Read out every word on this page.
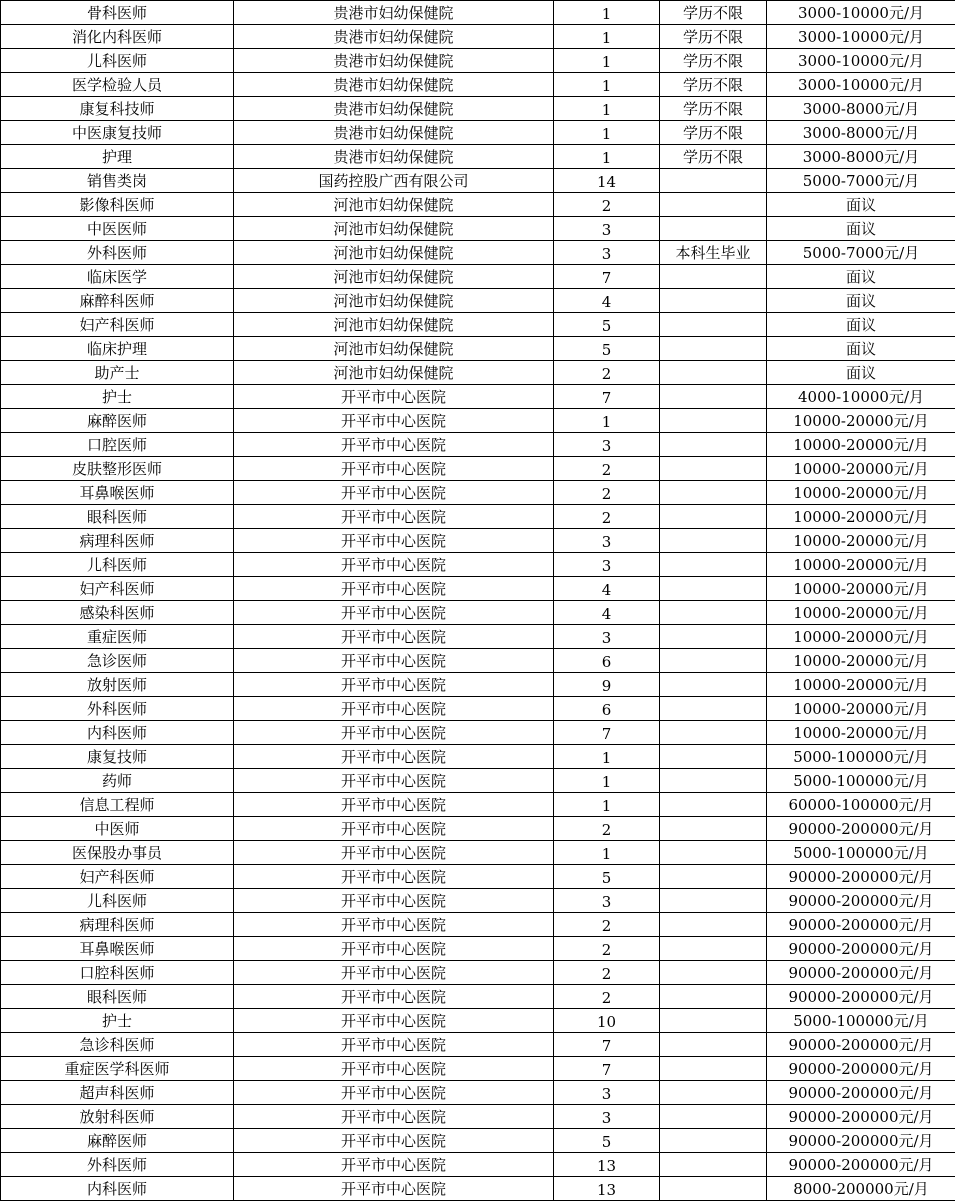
骨科医师	贵港市妇幼保健院	1	学历不限	3000-10000元/月
消化内科医师	贵港市妇幼保健院	1	学历不限	3000-10000元/月
儿科医师	贵港市妇幼保健院	1	学历不限	3000-10000元/月
医学检验人员	贵港市妇幼保健院	1	学历不限	3000-10000元/月
康复科技师	贵港市妇幼保健院	1	学历不限	3000-8000元/月
中医康复技师	贵港市妇幼保健院	1	学历不限	3000-8000元/月
护理	贵港市妇幼保健院	1	学历不限	3000-8000元/月
销售类岗	国药控股广西有限公司	14		5000-7000元/月
影像科医师	河池市妇幼保健院	2		面议
中医医师	河池市妇幼保健院	3		面议
外科医师	河池市妇幼保健院	3	本科生毕业	5000-7000元/月
临床医学	河池市妇幼保健院	7		面议
麻醉科医师	河池市妇幼保健院	4		面议
妇产科医师	河池市妇幼保健院	5		面议
临床护理	河池市妇幼保健院	5		面议
助产士	河池市妇幼保健院	2		面议
护士	开平市中心医院	7		4000-10000元/月
麻醉医师	开平市中心医院	1		10000-20000元/月
口腔医师	开平市中心医院	3		10000-20000元/月
皮肤整形医师	开平市中心医院	2		10000-20000元/月
耳鼻喉医师	开平市中心医院	2		10000-20000元/月
眼科医师	开平市中心医院	2		10000-20000元/月
病理科医师	开平市中心医院	3		10000-20000元/月
儿科医师	开平市中心医院	3		10000-20000元/月
妇产科医师	开平市中心医院	4		10000-20000元/月
感染科医师	开平市中心医院	4		10000-20000元/月
重症医师	开平市中心医院	3		10000-20000元/月
急诊医师	开平市中心医院	6		10000-20000元/月
放射医师	开平市中心医院	9		10000-20000元/月
外科医师	开平市中心医院	6		10000-20000元/月
内科医师	开平市中心医院	7		10000-20000元/月
康复技师	开平市中心医院	1		5000-100000元/月
药师	开平市中心医院	1		5000-100000元/月
信息工程师	开平市中心医院	1		60000-100000元/月
中医师	开平市中心医院	2		90000-200000元/月
医保股办事员	开平市中心医院	1		5000-100000元/月
妇产科医师	开平市中心医院	5		90000-200000元/月
儿科医师	开平市中心医院	3		90000-200000元/月
病理科医师	开平市中心医院	2		90000-200000元/月
耳鼻喉医师	开平市中心医院	2		90000-200000元/月
口腔科医师	开平市中心医院	2		90000-200000元/月
眼科医师	开平市中心医院	2		90000-200000元/月
护士	开平市中心医院	10		5000-100000元/月
急诊科医师	开平市中心医院	7		90000-200000元/月
重症医学科医师	开平市中心医院	7		90000-200000元/月
超声科医师	开平市中心医院	3		90000-200000元/月
放射科医师	开平市中心医院	3		90000-200000元/月
麻醉医师	开平市中心医院	5		90000-200000元/月
外科医师	开平市中心医院	13		90000-200000元/月
内科医师	开平市中心医院	13		8000-200000元/月
